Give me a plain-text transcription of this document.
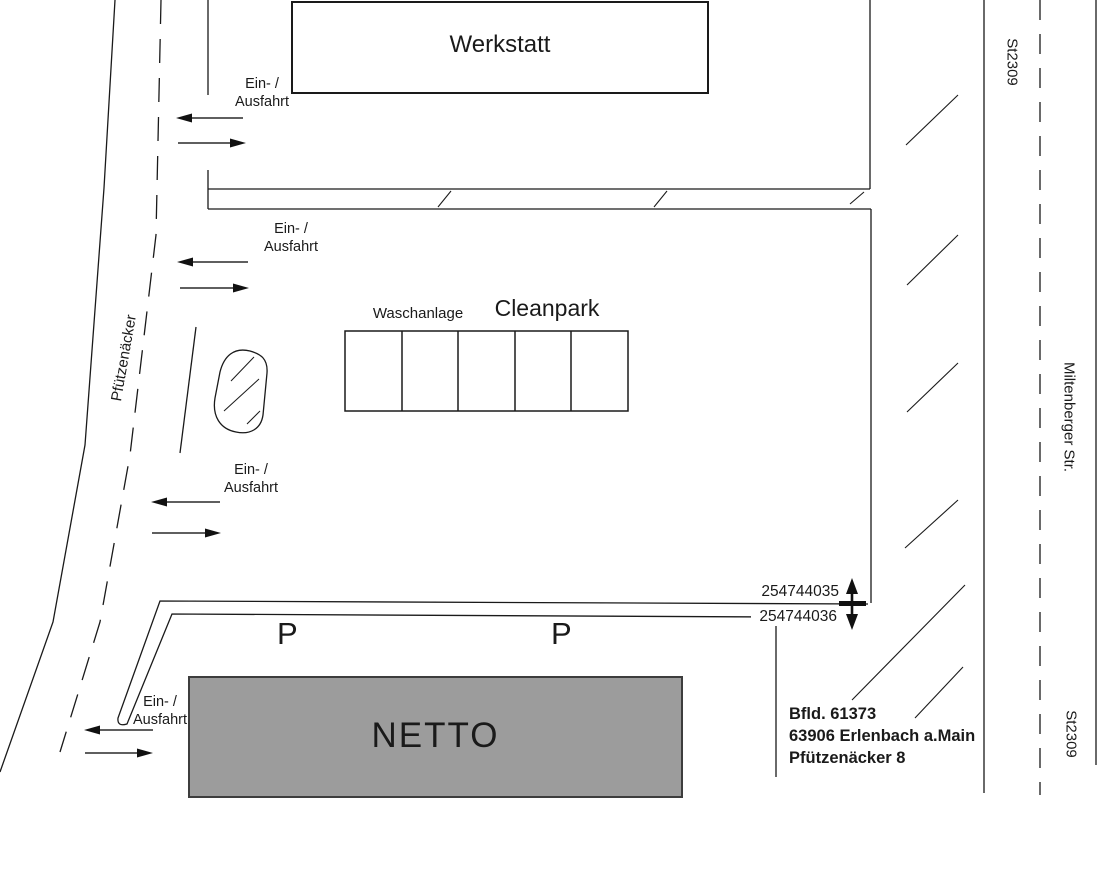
Ein- /
Ausfahrt
Ein- /
Ausfahrt
Ein- /
Ausfahrt
Ein- /
Ausfahrt
Werkstatt
Waschanlage	Cleanpark
P	P
254744035
254744036
NETTO
Bfld. 61373
63906 Erlenbach a.Main
Pfützenäcker 8
Pfützenäcker
St2309
Miltenberger Str.
St2309
